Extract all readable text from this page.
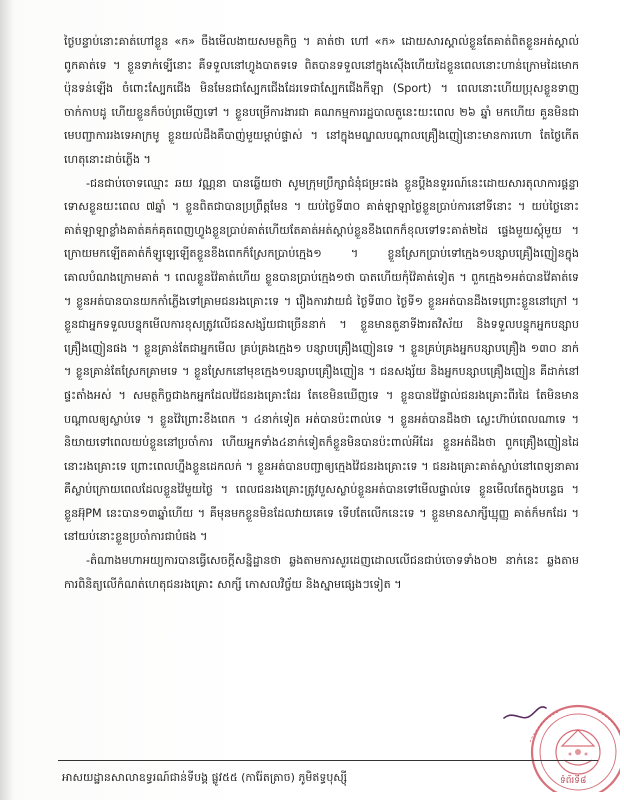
ថ្ងៃបន្ទាប់នោះគាត់ហៅខ្លួន «ក» ចឹងមើលងាយសមត្ថកិច្ច ។ គាត់ថា ហៅ «ក» ដោយសារស្គាល់ខ្លួនតែគាត់ពិតខ្លួនអត់ស្គាល់ពូកគាត់ទេ ។ ខ្លួនទាក់ទ្បើនោះ គឺទទួលនៅហ្វូងបាតទទេ ពិតបានទទួលនៅក្នុងស៊ើងហើយដៃខ្លួនពេលនោះហាន់ក្រោមដៃមោកប៉ុនទន់ឡើង ចំពោះស្បែកជើង មិនមែនជាស្បែកជើងដែរទេជាស្បែកជើងកីឡា (Sport) ។ ពេលនោះហើយប្រុសខ្លួនទាញចាក់កាបដូ ហើយខ្លួនក៏ចប់ព្រមើញទៅ ។ ខ្លួនបម្រើការងារជា គណកម្មការរដ្ឋបាលតួនេះយះពេល ២៦ ឆ្នាំ មកហើយ គួនមិនជាមេបញ្ជាការរងទេអាក្រមូ ខ្លួនយល់ដឹងគឺបាញ់មួយម្តាប់ផ្ទាស់ ។ នៅក្នុងមណ្ឌលបណ្ដាលគ្រឿងញៀនោះមានការហោ តែថ្ងៃកើតហេតុនោះដាច់ភ្លើង ។

-ជនជាប់ចោទឈ្មោះ ឆយ វណ្ណនា បានឆ្លើយថា សូមក្រុមប្រឹក្សាជំនុំជម្រះផង ខ្លួនប្ដឹងនទួររណ៍នេះដោយសារតុលាការផ្តន្ទាទោសខ្លួនយះពេល ៧ឆ្នាំ ។ ខ្លួនពិតជាបានប្រព្រឹត្តមែន ។ យប់ថ្ងៃទី៣០ គាត់ឡាឡាថ្ងៃខ្លួនប្រាប់ការនៅទីនោះ ។ យប់ថ្ងៃនោះគាត់ឡាឡាខ្លាំងគាត់គក់គុតពេញហ្វូងខ្លួនប្រាប់គាត់ហើយតែគាត់អត់ស្តាប់ខ្លួនខឹងពេកក៏ខុលទៅទះគាត់២ដៃ ផ្ទេងមួយស្តុំមួយ ។ ក្រោយមកឡើតគាត់ក៏ឡូឡេឡើតខ្លួនខឹងពេកក៏ស្រែកប្រាប់ក្មេង១ ។ ខ្លួនស្រែកប្រាប់ទៅក្មេង១បន្សាបគ្រឿងញៀនក្នុងគោលបំណងក្រោមគាត់ ។ ពេលខ្លួនវ៉ៃគាត់ហើយ ខ្លួនបានប្រាប់ក្មេង១ថា បាតហើយកុំវ៉ៃគាត់ទៀត ។ ពួកក្មេង១អត់បានវ៉ៃគាត់ទេ ។ ខ្លួនអត់បានបានយកកាំភ្លើងទៅគ្រាមជនរងគ្រោះទេ ។ រឿងការវាយជំ ថ្ងៃទី៣០ ថ្ងៃទី១ ខ្លួនអត់បានដឹងទេព្រោះខ្លួននៅក្រៅ ។ ខ្លួនជាអ្នកទទួលបន្ទុកមើលការខុសត្រូវលើជនសង្ស័យជាច្រើននាក់ ។ ខ្លួនមានតួនាទីងារតវិស័យ និងទទួលបន្ទុកអ្នកបន្សាបគ្រឿងញៀនផង ។ ខ្លួនគ្រាន់តែជាអ្នកមើល គ្រប់គ្រងក្មេង១ បន្សាបគ្រឿងញៀនទេ ។ ខ្លួនគ្រប់គ្រងអ្នកបន្សាបគ្រឿង ១៣០ នាក់ ។ ខ្លួនគ្រាន់តែស្រែកគ្រាមទេ ។ ខ្លួនស្រែកនៅមុខក្មេង១បន្សាបគ្រឿងញៀន ។ ជនសង្ស័យ និងអ្នកបន្សាបគ្រឿងញៀន គឺដាក់នៅផ្ទះតាំងអស់ ។ សមត្ថកិច្ចជាងកអ្នកដែលវ៉ៃជនរងគ្រោះដែរ តែខេមិនឃើញទេ ។ ខ្លួនបានវ៉ៃផ្ទាល់ជនរងគ្រោះពីរដៃ តែមិនមានបណ្ដាលឲ្យស្លាប់ទេ ។ ខ្លួនវ៉ៃព្រោះខឹងពេក ។ ៤នាក់ទៀត អត់បានប៉ះពាល់ទេ ។ ខ្លួនអត់បានដឹងថា ស្លេះហ៊ាប់ពេលណាទេ ។ និយាយទៅពេលយប់ខ្លួននៅប្រចាំការ ហើយអ្នកទាំង៤នាក់ទៀតក៏ខ្លួនមិនបានប៉ះពាល់អីដែរ ខ្លួនអត់ដឹងថា ពួកគ្រឿងញៀនដៃនោះរងគ្រោះទេ ព្រោះពេលហ្នឹងខ្លួនដេកលក់ ។ ខ្លួនអត់បានបញ្ជាឲ្យក្មេងវ៉ៃជនរងគ្រោះទេ ។ ជនរងគ្រោះគាត់ស្លាប់នៅពេទ្យនាគារ គឺស្លាប់ក្រោយពេលដែលខ្លួនវ៉ៃមួយថ្ងៃ ។ ពេលជនរងគ្រោះត្រូវបួសស្លាប់ខ្លួនអត់បានទៅមើលផ្ទាល់ទេ ខ្លួនមើលតែក្នុងបន្ទេធ ។ ខ្លួនអ៊ុPM នេះបាន១៣ឆ្នាំហើយ ។ គឺមុនមកខ្លួនមិនដែលវាយគេទេ ទើបតែលើកនេះទេ ។ ខ្លួនមានសាក្សីឃ្មុញ្ញ គាត់ក៏មកដែរ ។ នៅយប់នោះខ្លួនប្រចាំការជាបំផង ។

-តំណាងមហាអយ្យការបានធ្វើសេចក្តីសន្និដ្ឋានថា ឆ្លងតាមការសួរដេញដោលលើជនជាប់ចោទទាំង០២ នាក់នេះ ឆ្លងតាមការពិនិត្យលើកំណត់ហេតុជនរងគ្រោះ សាក្សី កោសលវិច្ច័យ និងស្នាមផ្សេងៗទៀត ។

ទំព័រទី៨
អាសយដ្ឋានសាលាឧទ្ធរណ៍ជាន់ទីបង្គ ផ្លូវ៥៥ (ការ៉ែតត្រាច) ភូមិឥទ្ធបុស្ស៊ី
